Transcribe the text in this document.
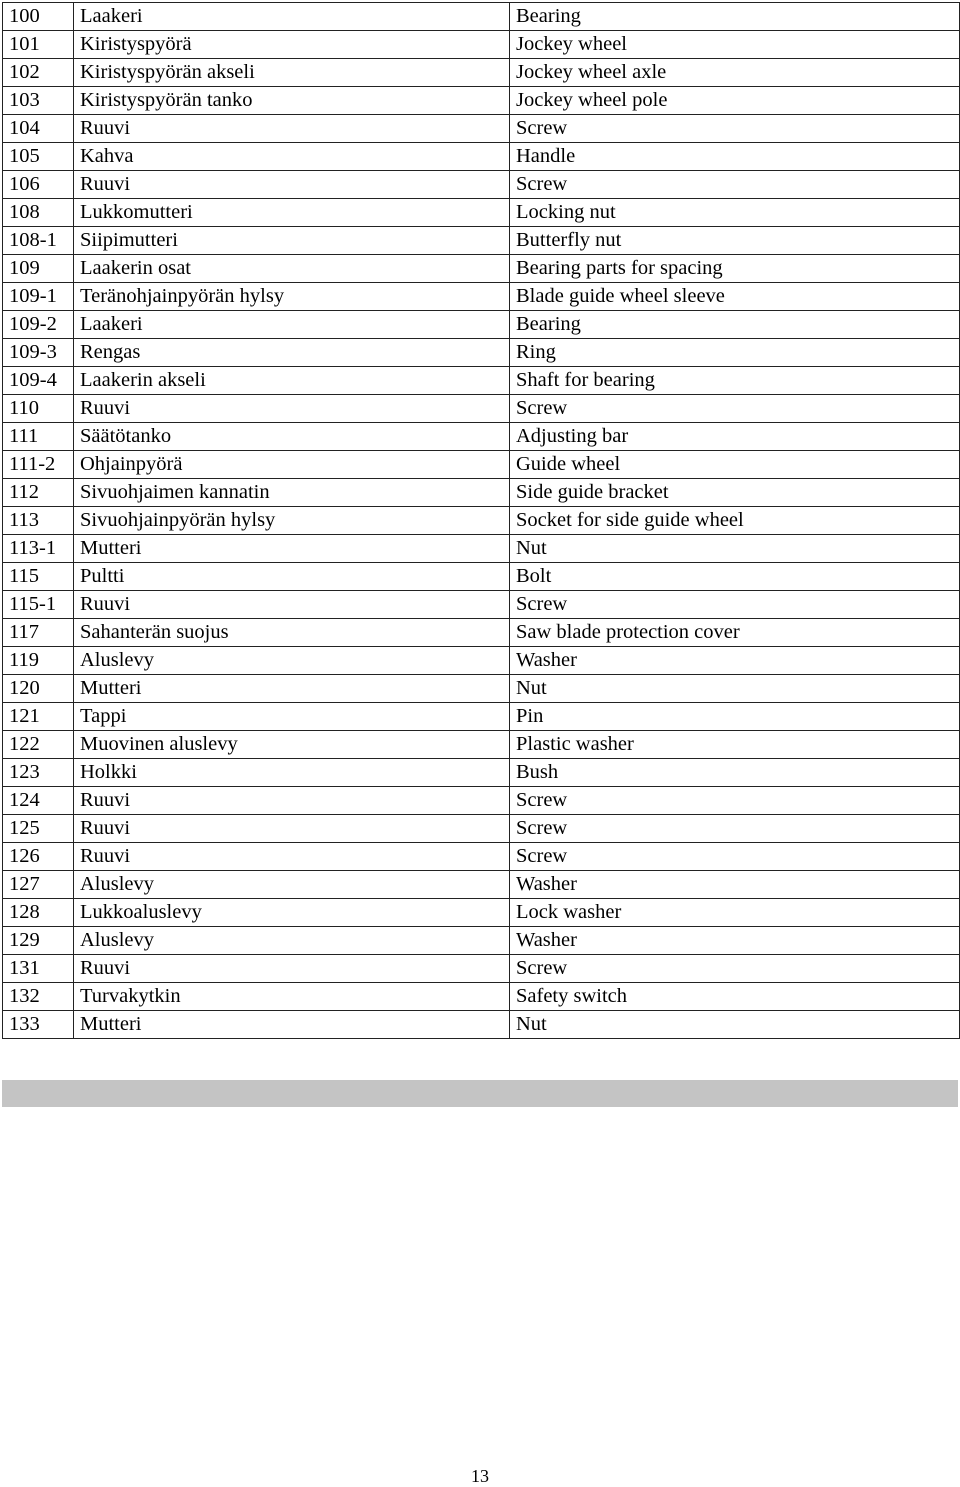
100	Laakeri	Bearing
101	Kiristyspyörä	Jockey wheel
102	Kiristyspyörän akseli	Jockey wheel axle
103	Kiristyspyörän tanko	Jockey wheel pole
104	Ruuvi	Screw
105	Kahva	Handle
106	Ruuvi	Screw
108	Lukkomutteri	Locking nut
108-1	Siipimutteri	Butterfly nut
109	Laakerin osat	Bearing parts for spacing
109-1	Teränohjainpyörän hylsy	Blade guide wheel sleeve
109-2	Laakeri	Bearing
109-3	Rengas	Ring
109-4	Laakerin akseli	Shaft for bearing
110	Ruuvi	Screw
111	Säätötanko	Adjusting bar
111-2	Ohjainpyörä	Guide wheel
112	Sivuohjaimen kannatin	Side guide bracket
113	Sivuohjainpyörän hylsy	Socket for side guide wheel
113-1	Mutteri	Nut
115	Pultti	Bolt
115-1	Ruuvi	Screw
117	Sahanterän suojus	Saw blade protection cover
119	Aluslevy	Washer
120	Mutteri	Nut
121	Tappi	Pin
122	Muovinen aluslevy	Plastic washer
123	Holkki	Bush
124	Ruuvi	Screw
125	Ruuvi	Screw
126	Ruuvi	Screw
127	Aluslevy	Washer
128	Lukkoaluslevy	Lock washer
129	Aluslevy	Washer
131	Ruuvi	Screw
132	Turvakytkin	Safety switch
133	Mutteri	Nut
13
